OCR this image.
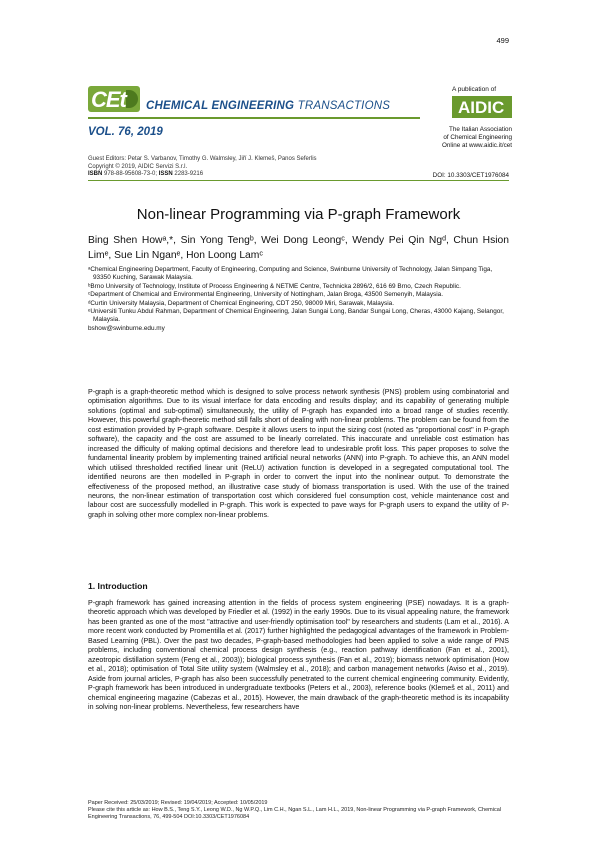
499
CEt CHEMICAL ENGINEERING TRANSACTIONS
VOL. 76, 2019
A publication of
AIDIC
The Italian Association
of Chemical Engineering
Online at www.aidic.it/cet
Guest Editors: Petar S. Varbanov, Timothy G. Walmsley, Jiří J. Klemeš, Panos Seferlis
Copyright © 2019, AIDIC Servizi S.r.l.
ISBN 978-88-95608-73-0; ISSN 2283-9216	DOI: 10.3303/CET1976084
Non-linear Programming via P-graph Framework
Bing Shen Howᵃ,*, Sin Yong Tengᵇ, Wei Dong Leongᶜ, Wendy Pei Qin Ngᵈ, Chun Hsion Limᵉ, Sue Lin Nganᵉ, Hon Loong Lamᶜ

ᵃChemical Engineering Department, Faculty of Engineering, Computing and Science, Swinburne University of Technology, Jalan Simpang Tiga, 93350 Kuching, Sarawak Malaysia.

ᵇBrno University of Technology, Institute of Process Engineering & NETME Centre, Technicka 2896/2, 616 69 Brno, Czech Republic.

ᶜDepartment of Chemical and Environmental Engineering, University of Nottingham, Jalan Broga, 43500 Semenyih, Malaysia.

ᵈCurtin University Malaysia, Department of Chemical Engineering, CDT 250, 98009 Miri, Sarawak, Malaysia.

ᵉUniversiti Tunku Abdul Rahman, Department of Chemical Engineering, Jalan Sungai Long, Bandar Sungai Long, Cheras, 43000 Kajang, Selangor, Malaysia.

bshow@swinburne.edu.my

P-graph is a graph-theoretic method which is designed to solve process network synthesis (PNS) problem using combinatorial and optimisation algorithms. Due to its visual interface for data encoding and results display; and its capability of generating multiple solutions (optimal and sub-optimal) simultaneously, the utility of P-graph has expanded into a broad range of studies recently. However, this powerful graph-theoretic method still falls short of dealing with non-linear problems. The problem can be found from the cost estimation provided by P-graph software. Despite it allows users to input the sizing cost (noted as "proportional cost" in P-graph software), the capacity and the cost are assumed to be linearly correlated. This inaccurate and unreliable cost estimation has increased the difficulty of making optimal decisions and therefore lead to undesirable profit loss. This paper proposes to solve the fundamental linearity problem by implementing trained artificial neural networks (ANN) into P-graph. To achieve this, an ANN model which utilised thresholded rectified linear unit (ReLU) activation function is developed in a segregated computational tool. The identified neurons are then modelled in P-graph in order to convert the input into the nonlinear output. To demonstrate the effectiveness of the proposed method, an illustrative case study of biomass transportation is used. With the use of the trained neurons, the non-linear estimation of transportation cost which considered fuel consumption cost, vehicle maintenance cost and labour cost are successfully modelled in P-graph. This work is expected to pave ways for P-graph users to expand the utility of P-graph in solving other more complex non-linear problems.
1. Introduction
P-graph framework has gained increasing attention in the fields of process system engineering (PSE) nowadays. It is a graph-theoretic approach which was developed by Friedler et al. (1992) in the early 1990s. Due to its visual appealing nature, the framework has been granted as one of the most "attractive and user-friendly optimisation tool" by researchers and students (Lam et al., 2016). A more recent work conducted by Promentilla et al. (2017) further highlighted the pedagogical advantages of the framework in Problem-Based Learning (PBL). Over the past two decades, P-graph-based methodologies had been applied to solve a wide range of PNS problems, including conventional chemical process design synthesis (e.g., reaction pathway identification (Fan et al., 2001), azeotropic distillation system (Feng et al., 2003)); biological process synthesis (Fan et al., 2019); biomass network optimisation (How et al., 2018); optimisation of Total Site utility system (Walmsley et al., 2018); and carbon management networks (Aviso et al., 2019). Aside from journal articles, P-graph has also been successfully penetrated to the current chemical engineering community. Evidently, P-graph framework has been introduced in undergraduate textbooks (Peters et al., 2003), reference books (Klemeš et al., 2011) and chemical engineering magazine (Cabezas et al., 2015). However, the main drawback of the graph-theoretic method is its incapability in solving non-linear problems. Nevertheless, few researchers have
Paper Received: 25/03/2019; Revised: 19/04/2019; Accepted: 10/05/2019
Please cite this article as: How B.S., Teng S.Y., Leong W.D., Ng W.P.Q., Lim C.H., Ngan S.L., Lam H.L., 2019, Non-linear Programming via P-graph Framework, Chemical Engineering Transactions, 76, 499-504 DOI:10.3303/CET1976084
